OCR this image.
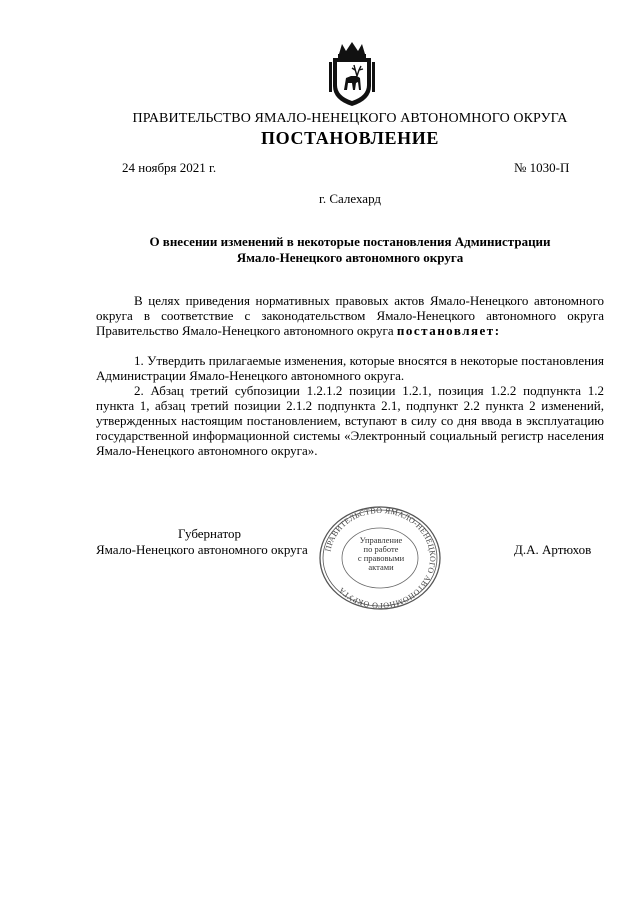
ПРАВИТЕЛЬСТВО ЯМАЛО-НЕНЕЦКОГО АВТОНОМНОГО ОКРУГА
ПОСТАНОВЛЕНИЕ
24 ноября 2021 г.	№ 1030-П
г. Салехард
О внесении изменений в некоторые постановления Администрации
Ямало-Ненецкого автономного округа

В целях приведения нормативных правовых актов Ямало-Ненецкого автономного округа в соответствие с законодательством Ямало-Ненецкого автономного округа Правительство Ямало-Ненецкого автономного округа постановляет:

1. Утвердить прилагаемые изменения, которые вносятся в некоторые постановления Администрации Ямало-Ненецкого автономного округа.

2. Абзац третий субпозиции 1.2.1.2 позиции 1.2.1, позиция 1.2.2 подпункта 1.2 пункта 1, абзац третий позиции 2.1.2 подпункта 2.1, подпункт 2.2 пункта 2 изменений, утвержденных настоящим постановлением, вступают в силу со дня ввода в эксплуатацию государственной информационной системы «Электронный социальный регистр населения Ямало-Ненецкого автономного округа».

Губернатор
Ямало-Ненецкого автономного округа	Д.А. Артюхов
ПРАВИТЕЛЬСТВО ЯМАЛО-НЕНЕЦКОГО АВТОНОМНОГО ОКРУГА
Управление
по работе
с правовыми
актами
